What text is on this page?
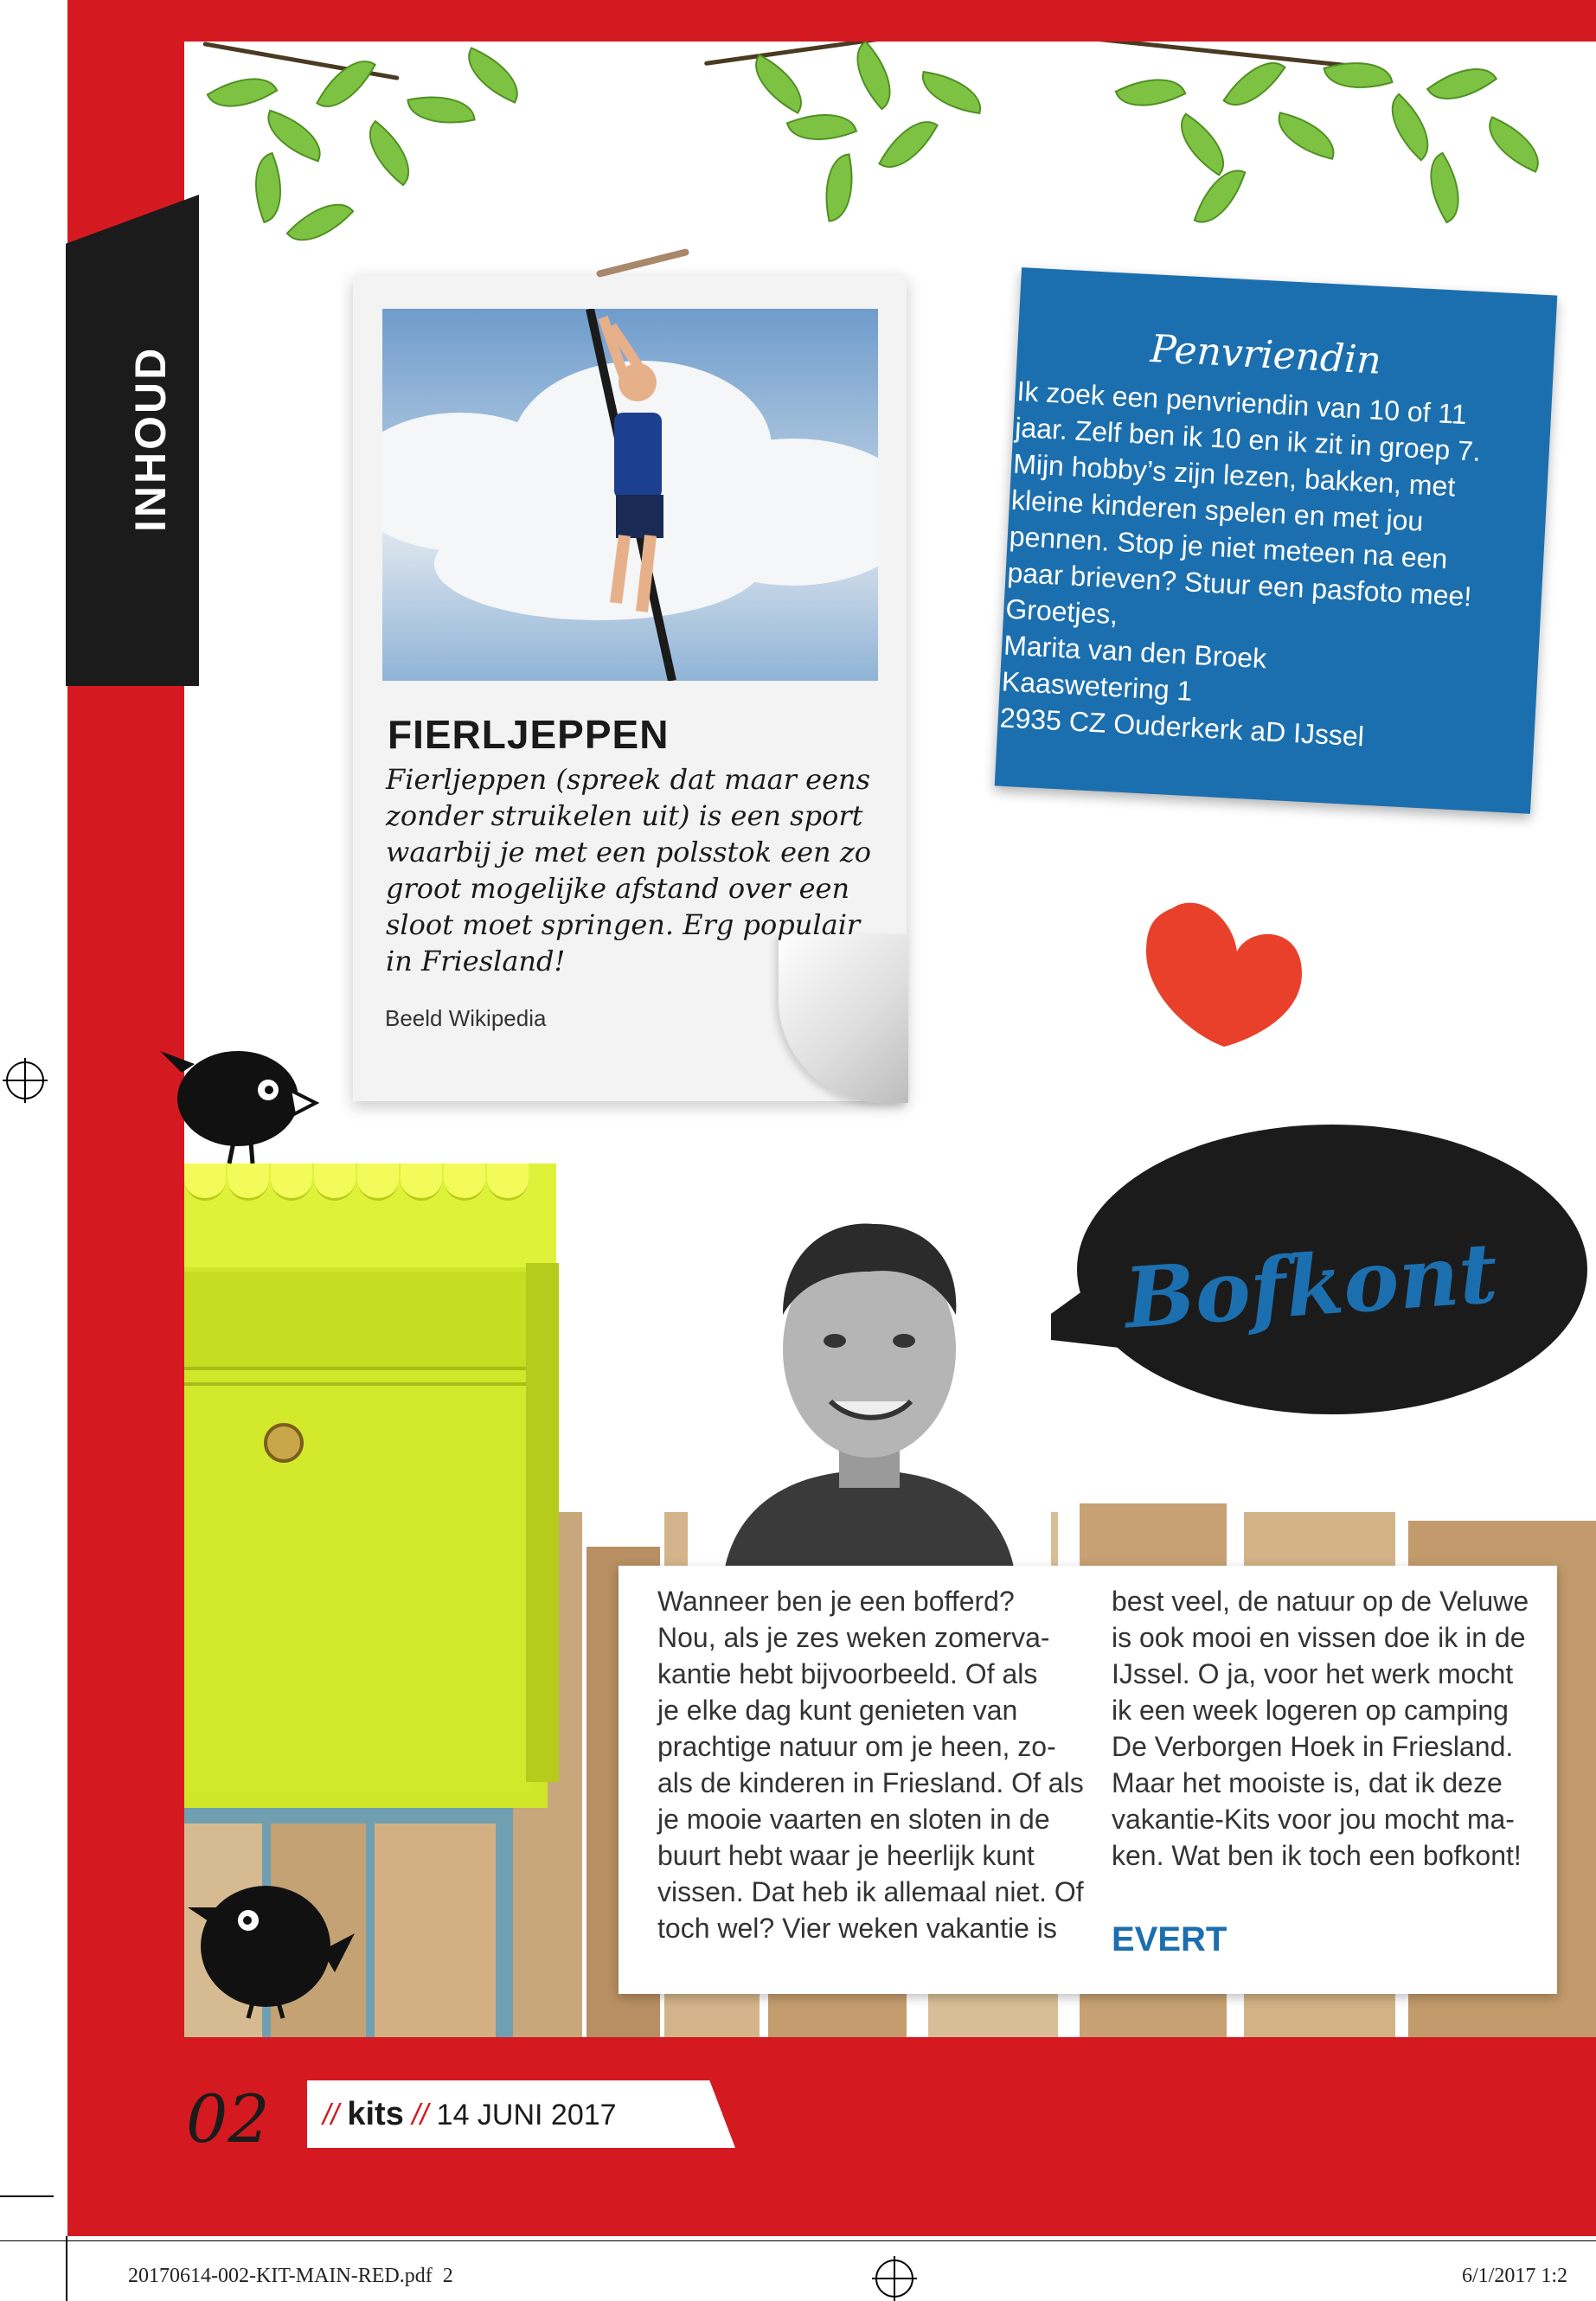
INHOUD
FIERLJEPPEN
Fierljeppen (spreek dat maar eens zonder struikelen uit) is een sport waarbij je met een polsstok een zo groot mogelijke afstand over een sloot moet springen. Erg populair in Friesland!
Beeld Wikipedia
Penvriendin
Ik zoek een penvriendin van 10 of 11
jaar. Zelf ben ik 10 en ik zit in groep 7.
Mijn hobby’s zijn lezen, bakken, met
kleine kinderen spelen en met jou
pennen. Stop je niet meteen na een
paar brieven? Stuur een pasfoto mee!
Groetjes,
Marita van den Broek
Kaaswetering 1
2935 CZ Ouderkerk aD IJssel
Bofkont
Wanneer ben je een bofferd?
Nou, als je zes weken zomerva-
kantie hebt bijvoorbeeld. Of als
je elke dag kunt genieten van
prachtige natuur om je heen, zo-
als de kinderen in Friesland. Of als
je mooie vaarten en sloten in de
buurt hebt waar je heerlijk kunt
vissen. Dat heb ik allemaal niet. Of
toch wel? Vier weken vakantie is
best veel, de natuur op de Veluwe
is ook mooi en vissen doe ik in de
IJssel. O ja, voor het werk mocht
ik een week logeren op camping
De Verborgen Hoek in Friesland.
Maar het mooiste is, dat ik deze
vakantie-Kits voor jou mocht ma-
ken. Wat ben ik toch een bofkont!
EVERT
02 // kits // 14 JUNI 2017
20170614-002-KIT-MAIN-RED.pdf 2	6/1/2017 1:2
